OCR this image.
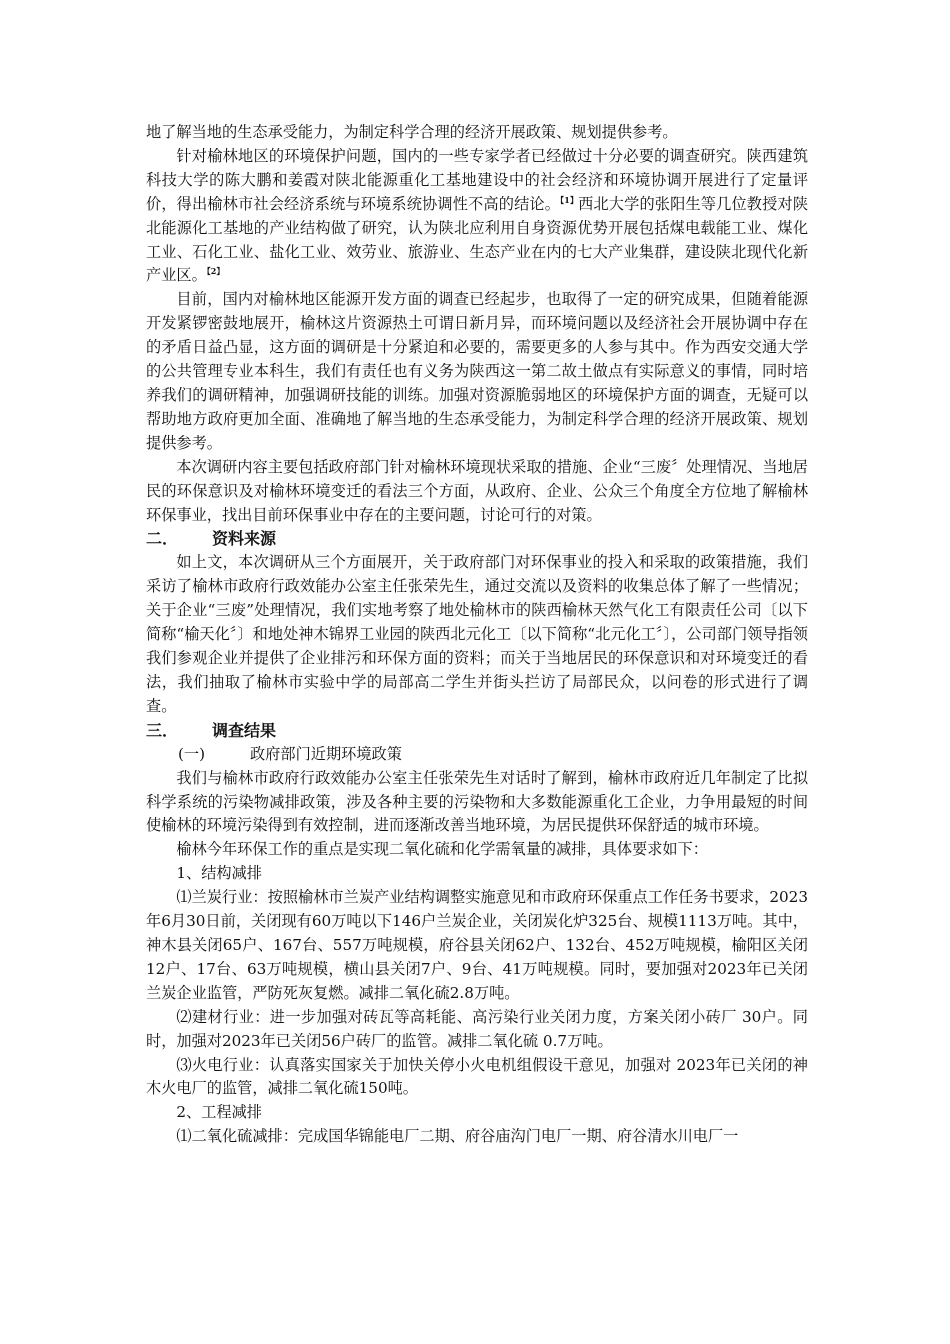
地了解当地的生态承受能力，为制定科学合理的经济开展政策、规划提供参考。

针对榆林地区的环境保护问题，国内的一些专家学者已经做过十分必要的调查研究。陕西建筑科技大学的陈大鹏和姜霞对陕北能源重化工基地建设中的社会经济和环境协调开展进行了定量评价，得出榆林市社会经济系统与环境系统协调性不高的结论。$^{【1】}$西北大学的张阳生等几位教授对陕北能源化工基地的产业结构做了研究，认为陕北应利用自身资源优势开展包括煤电载能工业、煤化工业、石化工业、盐化工业、效劳业、旅游业、生态产业在内的七大产业集群，建设陕北现代化新产业区。$^{【2】}$

目前，国内对榆林地区能源开发方面的调查已经起步，也取得了一定的研究成果，但随着能源开发紧锣密鼓地展开，榆林这片资源热土可谓日新月异，而环境问题以及经济社会开展协调中存在的矛盾日益凸显，这方面的调研是十分紧迫和必要的，需要更多的人参与其中。作为西安交通大学的公共管理专业本科生，我们有责任也有义务为陕西这一第二故土做点有实际意义的事情，同时培养我们的调研精神，加强调研技能的训练。加强对资源脆弱地区的环境保护方面的调查，无疑可以帮助地方政府更加全面、准确地了解当地的生态承受能力，为制定科学合理的经济开展政策、规划提供参考。

本次调研内容主要包括政府部门针对榆林环境现状采取的措施、企业“三废〞处理情况、当地居民的环保意识及对榆林环境变迁的看法三个方面，从政府、企业、公众三个角度全方位地了解榆林环保事业，找出目前环保事业中存在的主要问题，讨论可行的对策。

二．	资料来源

如上文，本次调研从三个方面展开，关于政府部门对环保事业的投入和采取的政策措施，我们采访了榆林市政府行政效能办公室主任张荣先生，通过交流以及资料的收集总体了解了一些情况；关于企业“三废”处理情况，我们实地考察了地处榆林市的陕西榆林天然气化工有限责任公司〔以下简称“榆天化〞〕和地处神木锦界工业园的陕西北元化工〔以下简称“北元化工〞〕，公司部门领导指领我们参观企业并提供了企业排污和环保方面的资料；而关于当地居民的环保意识和对环境变迁的看法，我们抽取了榆林市实验中学的局部高二学生并街头拦访了局部民众，以问卷的形式进行了调查。

三．	调查结果
(一)	政府部门近期环境政策

我们与榆林市政府行政效能办公室主任张荣先生对话时了解到，榆林市政府近几年制定了比拟科学系统的污染物减排政策，涉及各种主要的污染物和大多数能源重化工企业，力争用最短的时间使榆林的环境污染得到有效控制，进而逐渐改善当地环境，为居民提供环保舒适的城市环境。

榆林今年环保工作的重点是实现二氧化硫和化学需氧量的减排，具体要求如下：

1、结构减排

⑴兰炭行业：按照榆林市兰炭产业结构调整实施意见和市政府环保重点工作任务书要求，2023年6月30日前，关闭现有60万吨以下146户兰炭企业，关闭炭化炉325台、规模1113万吨。其中，神木县关闭65户、167台、557万吨规模，府谷县关闭62户、132台、452万吨规模，榆阳区关闭12户、17台、63万吨规模，横山县关闭7户、9台、41万吨规模。同时，要加强对2023年已关闭兰炭企业监管，严防死灰复燃。减排二氧化硫2.8万吨。

⑵建材行业：进一步加强对砖瓦等高耗能、高污染行业关闭力度，方案关闭小砖厂 30户。同时，加强对2023年已关闭56户砖厂的监管。减排二氧化硫 0.7万吨。

⑶火电行业：认真落实国家关于加快关停小火电机组假设干意见，加强对 2023年已关闭的神木火电厂的监管，减排二氧化硫150吨。

2、工程减排

⑴二氧化硫减排：完成国华锦能电厂二期、府谷庙沟门电厂一期、府谷清水川电厂一
